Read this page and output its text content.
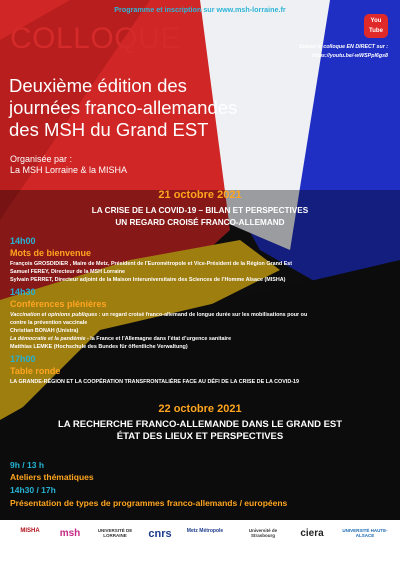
Programme et inscription sur www.msh-lorraine.fr
COLLOQUE
You
Tube
Suivez le colloque EN DIRECT sur :
https://youtu.be/-wWSPpl6gs8
Deuxième édition des
journées franco-allemandes
des MSH du Grand EST
Organisée par :
La MSH Lorraine & la MISHA
21 octobre 2021
LA CRISE DE LA COVID-19 – BILAN ET PERSPECTIVES
UN REGARD CROISÉ FRANCO-ALLEMAND
14h00
Mots de bienvenue
François GROSDIDIER , Maire de Metz, Président de l’Eurométropole et Vice-Président de la Région Grand Est
Samuel FEREY, Directeur de la MSH Lorraine
Sylvain PERRET, Directeur adjoint de la Maison Interuniversitaire des Sciences de l’Homme Alsace (MISHA)
14h30
Conférences plénières
Vaccination et opinions publiques : un regard croisé franco-allemand de longue durée sur les mobilisations pour ou
contre la prévention vaccinale
Christian BONAH (Unistra)
La démocratie et la pandémie - la France et l’Allemagne dans l’état d’urgence sanitaire
Matthias LEMKE (Hochschule des Bundes für öffentliche Verwaltung)
17h00
Table ronde
LA GRANDE-RÉGION ET LA COOPÉRATION TRANSFRONTALIÈRE FACE AU DÉFI DE LA CRISE DE LA COVID-19
22 octobre 2021
LA RECHERCHE FRANCO-ALLEMANDE DANS LE GRAND EST
ÉTAT DES LIEUX ET PERSPECTIVES
9h / 13 h
Ateliers thématiques
14h30 / 17h
Présentation de types de programmes franco-allemands / européens
MISHA	msh	UNIVERSITÉ DE LORRAINE	cnrs	Metz Métropole	Université de Strasbourg	ciera	UNIVERSITÉ HAUTE-ALSACE
